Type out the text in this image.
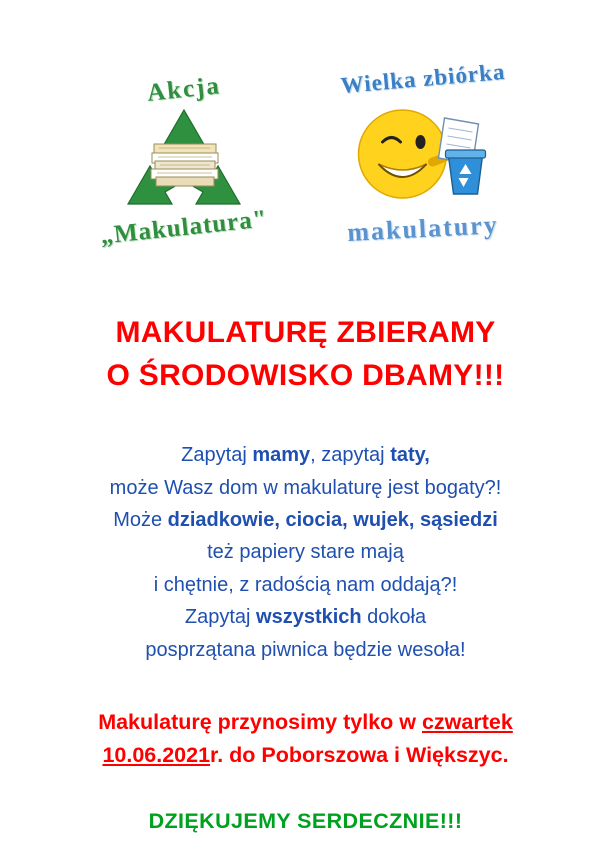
Akcja
„Makulatura"
Wielka zbiórka
makulatury
MAKULATURĘ ZBIERAMY
O ŚRODOWISKO DBAMY!!!
Zapytaj mamy, zapytaj taty,
może Wasz dom w makulaturę jest bogaty?!
Może dziadkowie, ciocia, wujek, sąsiedzi
też papiery stare mają
i chętnie, z radością nam oddają?!
Zapytaj wszystkich dokoła
posprzątana piwnica będzie wesoła!
Makulaturę przynosimy tylko w czwartek
10.06.2021r. do Poborszowa i Większyc.
DZIĘKUJEMY SERDECZNIE!!!
